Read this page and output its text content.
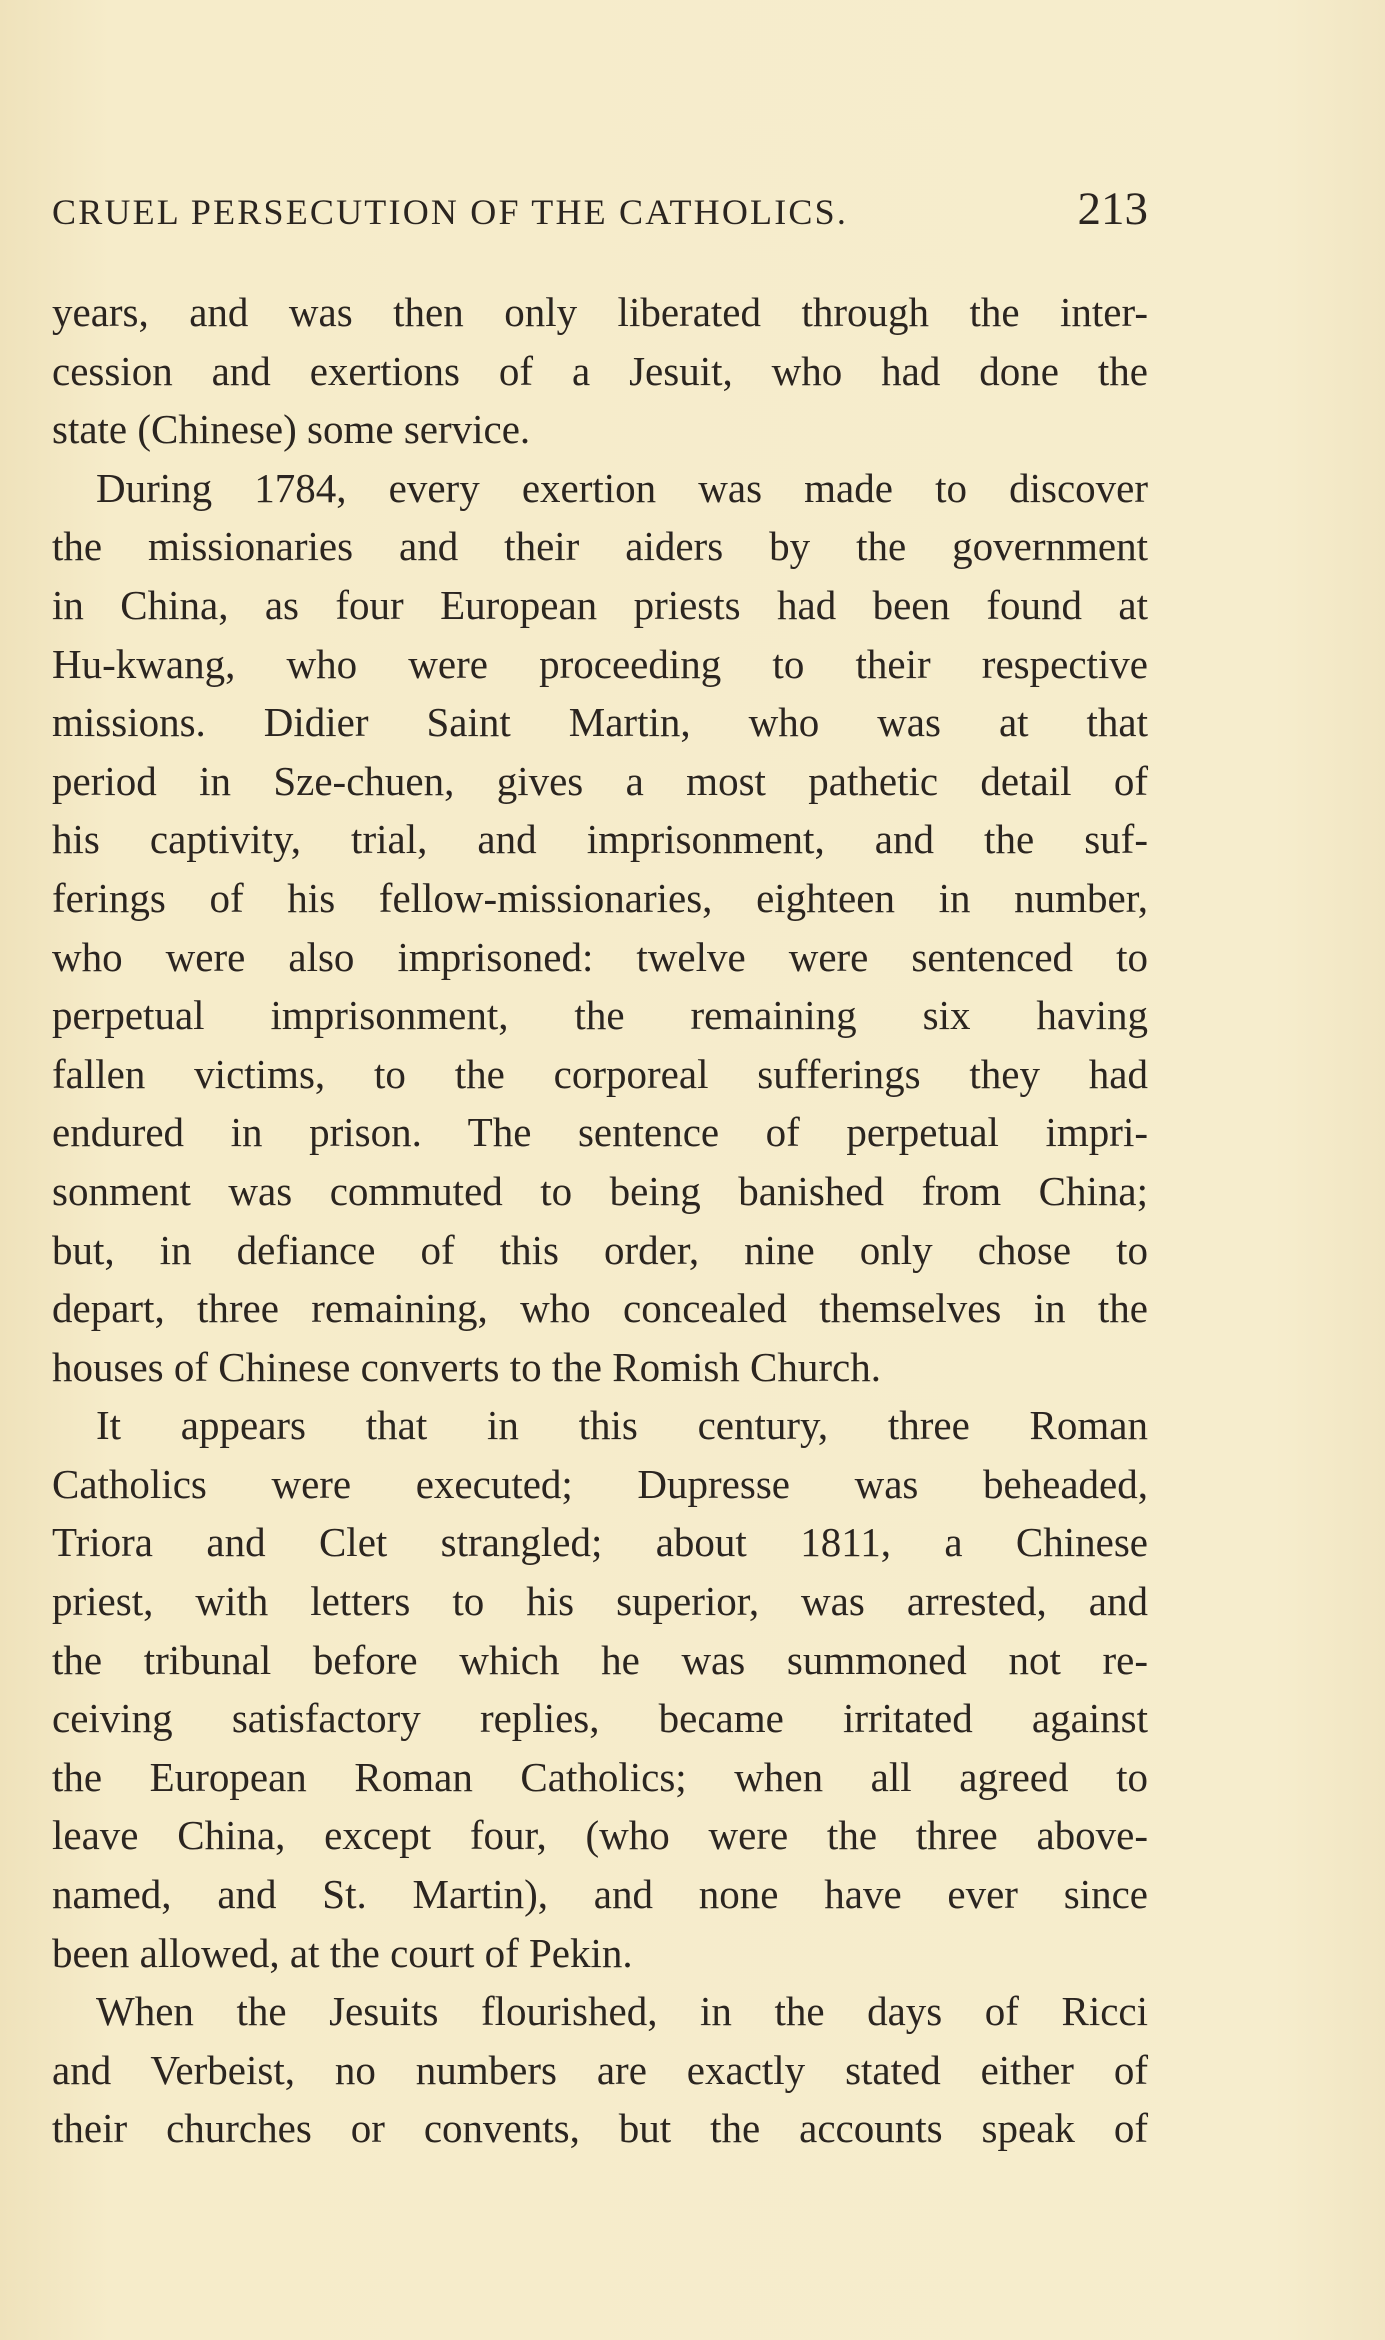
CRUEL PERSECUTION OF THE CATHOLICS.	213
years, and was then only liberated through the inter-
cession and exertions of a Jesuit, who had done the
state (Chinese) some service.
During 1784, every exertion was made to discover
the missionaries and their aiders by the government
in China, as four European priests had been found at
Hu-kwang, who were proceeding to their respective
missions. Didier Saint Martin, who was at that
period in Sze-chuen, gives a most pathetic detail of
his captivity, trial, and imprisonment, and the suf-
ferings of his fellow-missionaries, eighteen in number,
who were also imprisoned: twelve were sentenced to
perpetual imprisonment, the remaining six having
fallen victims, to the corporeal sufferings they had
endured in prison. The sentence of perpetual impri-
sonment was commuted to being banished from China;
but, in defiance of this order, nine only chose to
depart, three remaining, who concealed themselves in the
houses of Chinese converts to the Romish Church.
It appears that in this century, three Roman
Catholics were executed; Dupresse was beheaded,
Triora and Clet strangled; about 1811, a Chinese
priest, with letters to his superior, was arrested, and
the tribunal before which he was summoned not re-
ceiving satisfactory replies, became irritated against
the European Roman Catholics; when all agreed to
leave China, except four, (who were the three above-
named, and St. Martin), and none have ever since
been allowed, at the court of Pekin.
When the Jesuits flourished, in the days of Ricci
and Verbeist, no numbers are exactly stated either of
their churches or convents, but the accounts speak of
